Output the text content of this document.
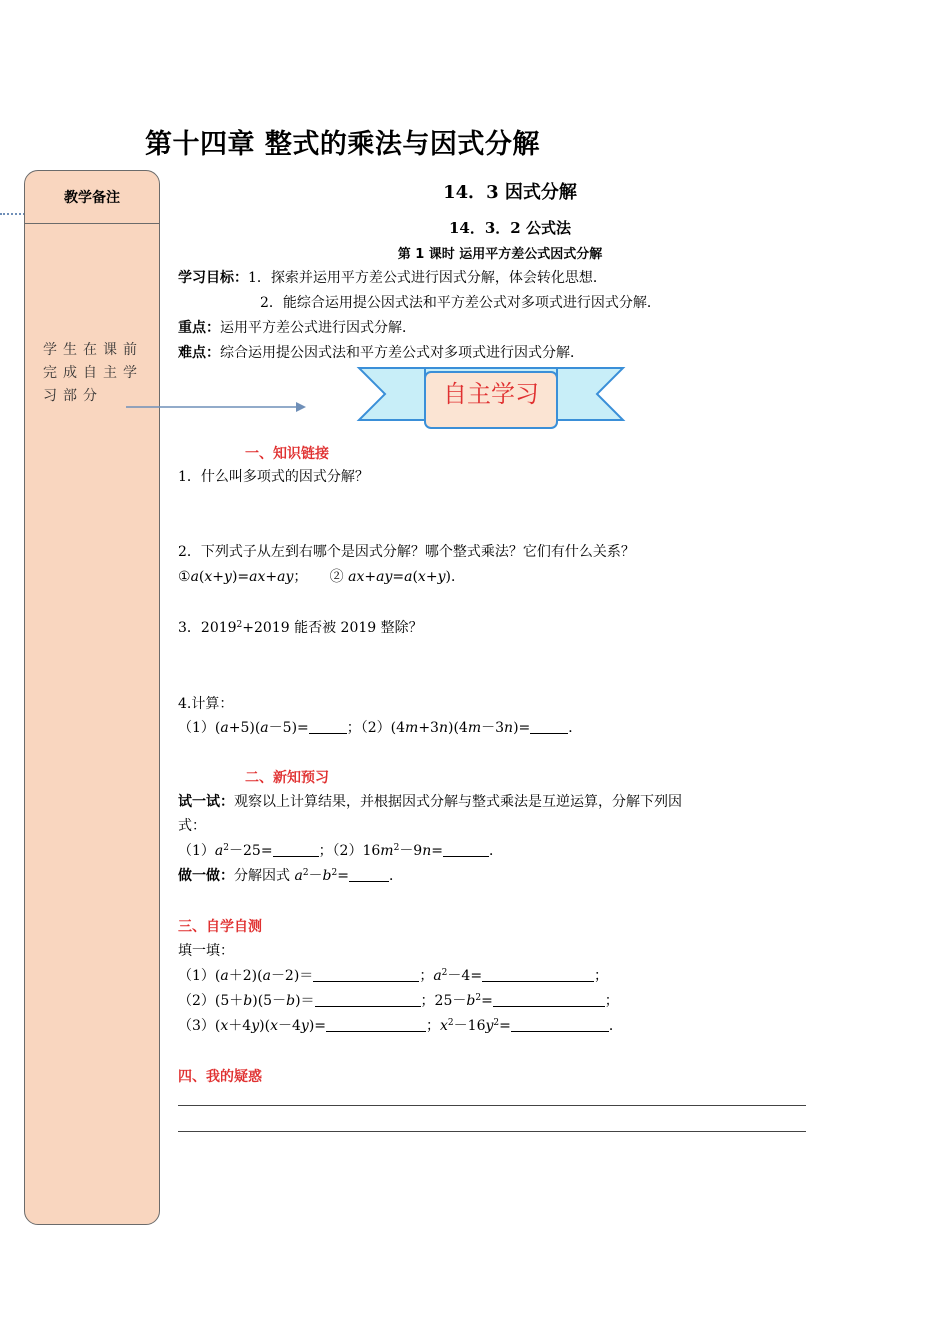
第十四章 整式的乘法与因式分解
教学备注
学生在课前完成自主学习部分
14．3 因式分解
14．3．2 公式法
第 1 课时 运用平方差公式因式分解
学习目标：1．探索并运用平方差公式进行因式分解，体会转化思想．
2．能综合运用提公因式法和平方差公式对多项式进行因式分解．
重点：运用平方差公式进行因式分解．
难点：综合运用提公因式法和平方差公式对多项式进行因式分解．
自主学习
一、知识链接
1．什么叫多项式的因式分解？
2．下列式子从左到右哪个是因式分解？哪个整式乘法？它们有什么关系？
①a(x+y)=ax+ay；     ② ax+ay=a(x+y)．
3．$2019^2+2019$ 能否被 2019 整除？
4.计算：
（1）(a+5)(a－5)=	；（2）(4m+3n)(4m－3n)=	．
二、新知预习
试一试：观察以上计算结果，并根据因式分解与整式乘法是互逆运算，分解下列因
式：
$(1)a^2-25=$	；$(2)16m^2-9n=$	．
做一做：分解因式 $a^2-b^2=$	．
三、自学自测
填一填：
（1）(a＋2)(a－2)＝	；$a^2-4=$	；
（2）(5＋b)(5－b)＝	；$25-b^2=$	；
（3）(x＋4y)(x－4y)=	；$x^2-16y^2=$	．
四、我的疑惑
